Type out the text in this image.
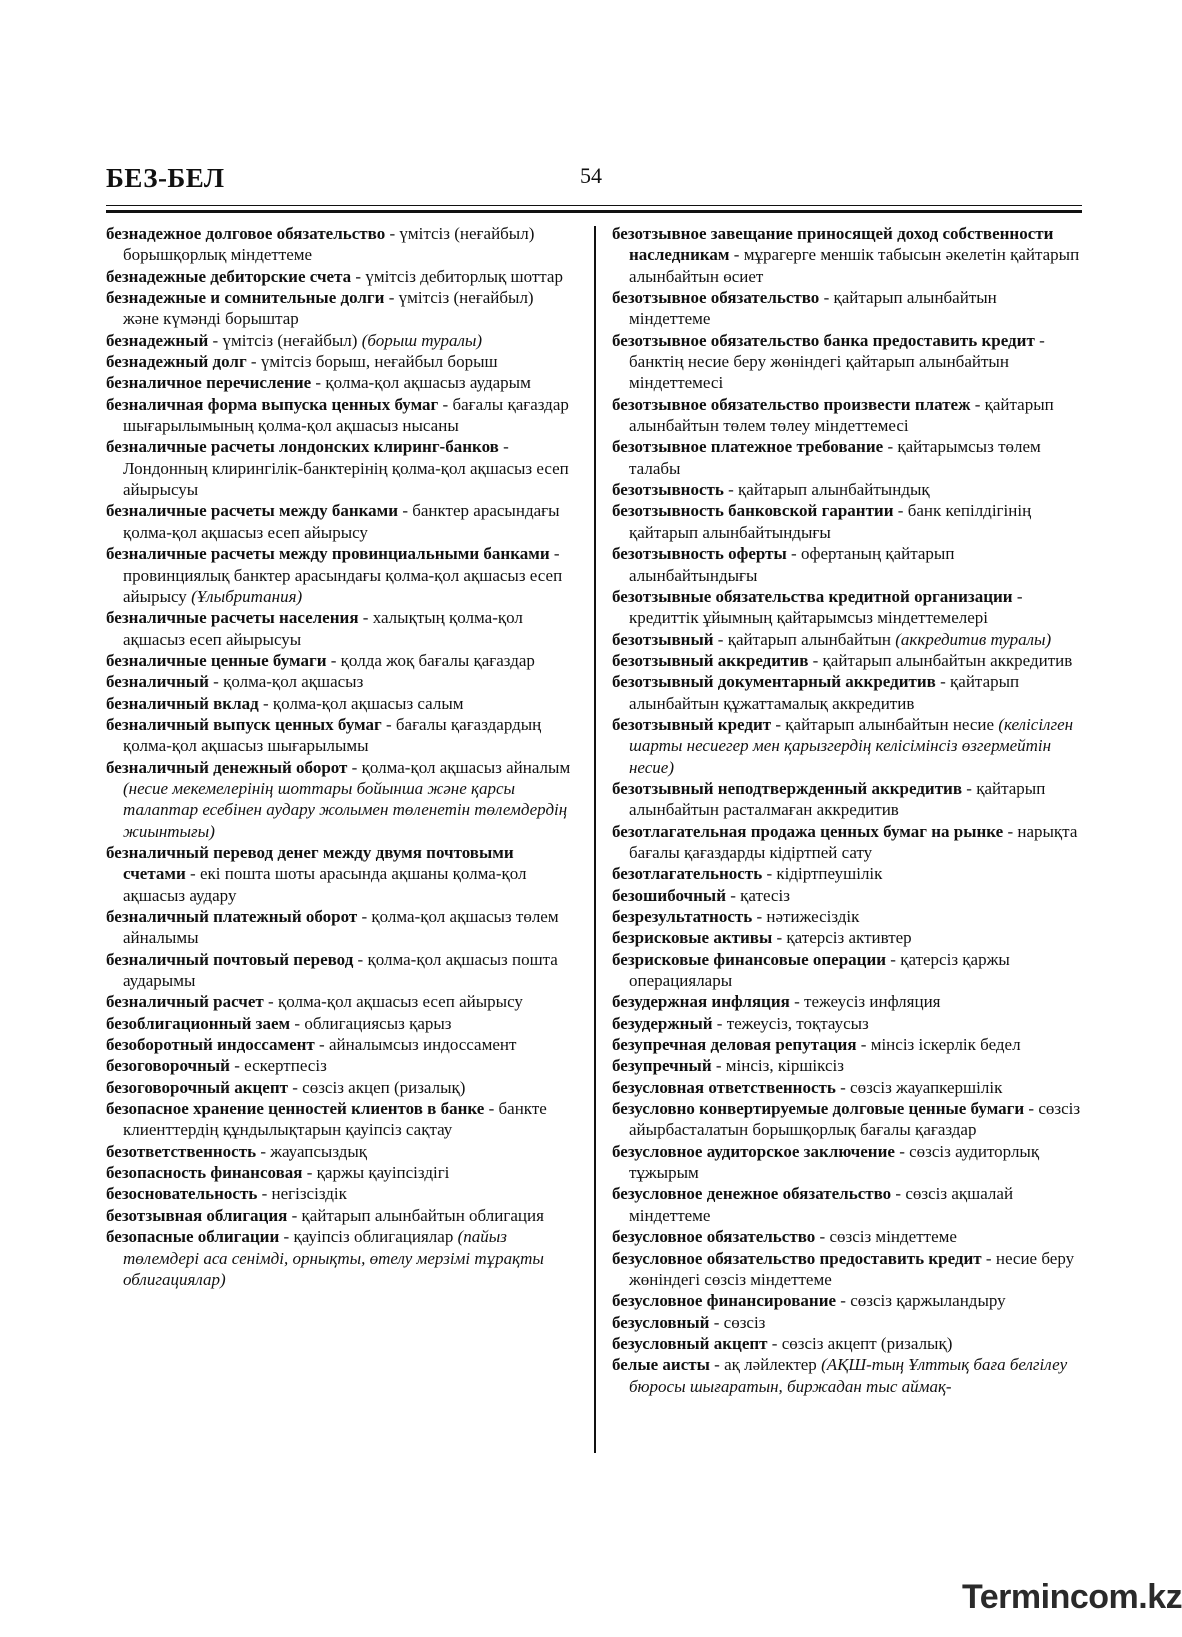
БЕЗ-БЕЛ	54

безнадежное долговое обязательство - үмітсіз (неғайбыл) борышқорлық міндеттеме

безнадежные дебиторские счета - үмітсіз дебиторлық шоттар

безнадежные и сомнительные долги - үмітсіз (неғайбыл) және күмәнді борыштар

безнадежный - үмітсіз (неғайбыл) (борыш туралы)

безнадежный долг - үмітсіз борыш, неғайбыл борыш

безналичное перечисление - қолма-қол ақшасыз аударым

безналичная форма выпуска ценных бумаг - бағалы қағаздар шығарылымының қолма-қол ақшасыз нысаны

безналичные расчеты лондонских клиринг-банков - Лондонның клирингілік-банктерінің қолма-қол ақшасыз есеп айырысуы

безналичные расчеты между банками - банктер арасындағы қолма-қол ақшасыз есеп айырысу

безналичные расчеты между провинциальными банками - провинциялық банктер арасындағы қолма-қол ақшасыз есеп айырысу (Ұлыбритания)

безналичные расчеты населения - халықтың қолма-қол ақшасыз есеп айырысуы

безналичные ценные бумаги - қолда жоқ бағалы қағаздар

безналичный - қолма-қол ақшасыз

безналичный вклад - қолма-қол ақшасыз салым

безналичный выпуск ценных бумаг - бағалы қағаздардың қолма-қол ақшасыз шығарылымы

безналичный денежный оборот - қолма-қол ақшасыз айналым (несие мекемелерінің шоттары бойынша және қарсы талаптар есебінен аудару жолымен төленетін төлемдердің жиынтығы)

безналичный перевод денег между двумя почтовыми счетами - екі пошта шоты арасында ақшаны қолма-қол ақшасыз аудару

безналичный платежный оборот - қолма-қол ақшасыз төлем айналымы

безналичный почтовый перевод - қолма-қол ақшасыз пошта аударымы

безналичный расчет - қолма-қол ақшасыз есеп айырысу

безоблигационный заем - облигациясыз қарыз

безоборотный индоссамент - айналымсыз индоссамент

безоговорочный - ескертпесіз

безоговорочный акцепт - сөзсіз акцеп (ризалық)

безопасное хранение ценностей клиентов в банке - банкте клиенттердің құндылықтарын қауіпсіз сақтау

безответственность - жауапсыздық

безопасность финансовая - қаржы қауіпсіздігі

безосновательность - негізсіздік

безотзывная облигация - қайтарып алынбайтын облигация

безопасные облигации - қауіпсіз облигациялар (пайыз төлемдері аса сенімді, орнықты, өтелу мерзімі тұрақты облигациялар)

безотзывное завещание приносящей доход собственности наследникам - мұрагерге меншік табысын әкелетін қайтарып алынбайтын өсиет

безотзывное обязательство - қайтарып алынбайтын міндеттеме

безотзывное обязательство банка предоставить кредит - банктің несие беру жөніндегі қайтарып алынбайтын міндеттемесі

безотзывное обязательство произвести платеж - қайтарып алынбайтын төлем төлеу міндеттемесі

безотзывное платежное требование - қайтарымсыз төлем талабы

безотзывность - қайтарып алынбайтындық

безотзывность банковской гарантии - банк кепілдігінің қайтарып алынбайтындығы

безотзывность оферты - офертаның қайтарып алынбайтындығы

безотзывные обязательства кредитной организации - кредиттік ұйымның қайтарымсыз міндеттемелері

безотзывный - қайтарып алынбайтын (аккредитив туралы)

безотзывный аккредитив - қайтарып алынбайтын аккредитив

безотзывный документарный аккредитив - қайтарып алынбайтын құжаттамалық аккредитив

безотзывный кредит - қайтарып алынбайтын несие (келісілген шарты несиегер мен қарызгердің келісімінсіз өзгермейтін несие)

безотзывный неподтвержденный аккредитив - қайтарып алынбайтын расталмаған аккредитив

безотлагательная продажа ценных бумаг на рынке - нарықта бағалы қағаздарды кідіртпей сату

безотлагательность - кідіртпеушілік

безошибочный - қатесіз

безрезультатность - нәтижесіздік

безрисковые активы - қатерсіз активтер

безрисковые финансовые операции - қатерсіз қаржы операциялары

безудержная инфляция - тежеусіз инфляция

безудержный - тежеусіз, тоқтаусыз

безупречная деловая репутация - мінсіз іскерлік бедел

безупречный - мінсіз, кіршіксіз

безусловная ответственность - сөзсіз жауапкершілік

безусловно конвертируемые долговые ценные бумаги - сөзсіз айырбасталатын борышқорлық бағалы қағаздар

безусловное аудиторское заключение - сөзсіз аудиторлық тұжырым

безусловное денежное обязательство - сөзсіз ақшалай міндеттеме

безусловное обязательство - сөзсіз міндеттеме

безусловное обязательство предоставить кредит - несие беру жөніндегі сөзсіз міндеттеме

безусловное финансирование - сөзсіз қаржыландыру

безусловный - сөзсіз

безусловный акцепт - сөзсіз акцепт (ризалық)

белые аисты - ақ ләйлектер (АҚШ-тың Ұлттық баға белгілеу бюросы шығаратын, биржадан тыс аймақ-

Termincom.kz
